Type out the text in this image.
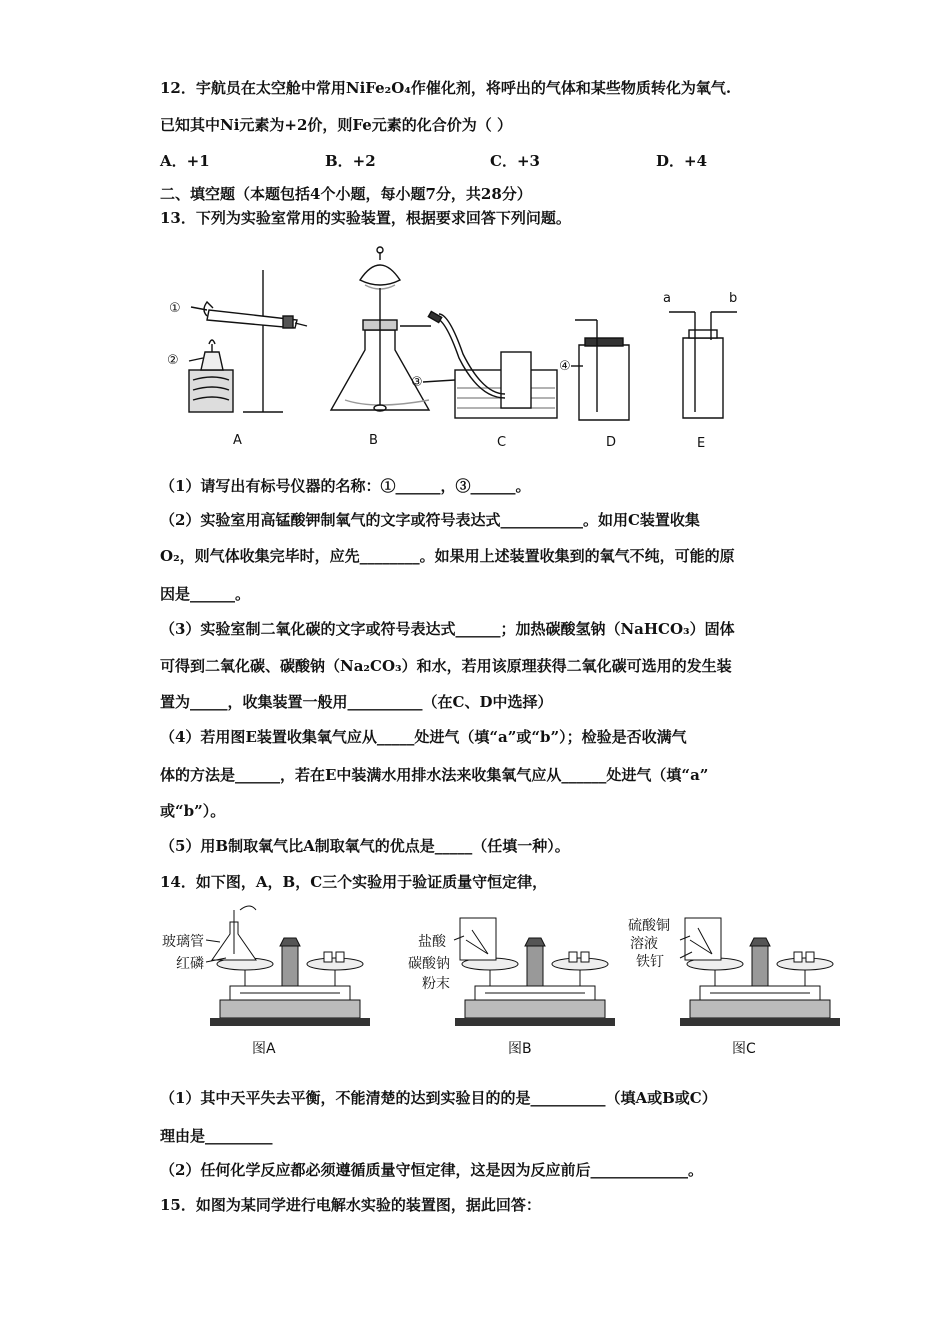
12．宇航员在太空舱中常用NiFe₂O₄作催化剂，将呼出的气体和某些物质转化为氧气.
已知其中Ni元素为+2价，则Fe元素的化合价为（ ）
A．+1	B．+2	C．+3	D．+4
二、填空题（本题包括4个小题，每小题7分，共28分）
13．下列为实验室常用的实验装置，根据要求回答下列问题。
①
②
③
④
a	b
A	B	C	D	E
（1）请写出有标号仪器的名称：①______，③______。
（2）实验室用高锰酸钾制氧气的文字或符号表达式___________。如用C装置收集
O₂，则气体收集完毕时，应先________。如果用上述装置收集到的氧气不纯，可能的原
因是______。
（3）实验室制二氧化碳的文字或符号表达式______；加热碳酸氢钠（NaHCO₃）固体
可得到二氧化碳、碳酸钠（Na₂CO₃）和水，若用该原理获得二氧化碳可选用的发生装
置为_____，收集装置一般用__________（在C、D中选择）
（4）若用图E装置收集氧气应从_____处进气（填“a”或“b”）；检验是否收满气
体的方法是______，若在E中装满水用排水法来收集氧气应从______处进气（填“a”
或“b”）。
（5）用B制取氧气比A制取氧气的优点是_____（任填一种）。
14．如下图，A，B，C三个实验用于验证质量守恒定律，
玻璃管
红磷
盐酸
碳酸钠
粉末
硫酸铜
溶液
铁钉
图A	图B	图C
（1）其中天平失去平衡，不能清楚的达到实验目的的是__________（填A或B或C）
理由是_________
（2）任何化学反应都必须遵循质量守恒定律，这是因为反应前后_____________。
15．如图为某同学进行电解水实验的装置图，据此回答：
